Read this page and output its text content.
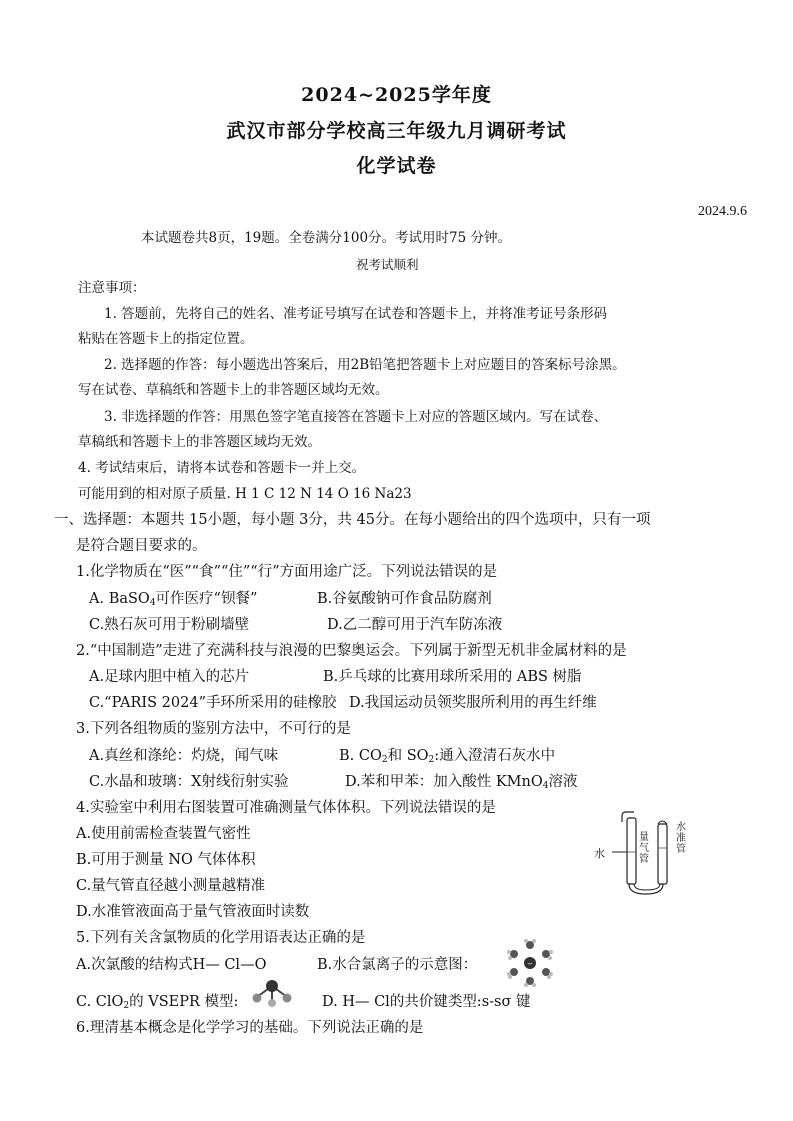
2024~2025学年度
武汉市部分学校高三年级九月调研考试
化学试卷
2024.9.6
本试题卷共8页，19题。全卷满分100分。考试用时75 分钟。
祝考试顺利
注意事项：
1. 答题前，先将自己的姓名、准考证号填写在试卷和答题卡上，并将准考证号条形码
粘贴在答题卡上的指定位置。
2. 选择题的作答：每小题选出答案后，用2B铅笔把答题卡上对应题目的答案标号涂黑。
写在试卷、草稿纸和答题卡上的非答题区域均无效。
3. 非选择题的作答：用黑色签字笔直接答在答题卡上对应的答题区域内。写在试卷、
草稿纸和答题卡上的非答题区域均无效。
4. 考试结束后，请将本试卷和答题卡一并上交。
可能用到的相对原子质量. H 1 C 12 N 14 O 16 Na23
一、选择题：本题共 15小题，每小题 3分，共 45分。在每小题给出的四个选项中，只有一项
是符合题目要求的。
1.化学物质在“医”“食”“住”“行”方面用途广泛。下列说法错误的是
A. BaSO$_4$可作医疗“钡餐”	B.谷氨酸钠可作食品防腐剂
C.熟石灰可用于粉刷墙壁	D.乙二醇可用于汽车防冻液
2.“中国制造”走进了充满科技与浪漫的巴黎奥运会。下列属于新型无机非金属材料的是
A.足球内胆中植入的芯片	B.乒乓球的比赛用球所采用的 ABS 树脂
C.“PARIS 2024”手环所采用的硅橡胶 D.我国运动员领奖服所利用的再生纤维
3.下列各组物质的鉴别方法中，不可行的是
A.真丝和涤纶：灼烧，闻气味	B. $CO_2$和 $SO_2$:通入澄清石灰水中
C.水晶和玻璃：X射线衍射实验	D.苯和甲苯：加入酸性 KMnO$_4$溶液
4.实验室中利用右图装置可准确测量气体体积。下列说法错误的是
A.使用前需检查装置气密性
B.可用于测量 NO 气体体积
C.量气管直径越小测量越精准
D.水准管液面高于量气管液面时读数
水
量气管
水准管
5.下列有关含氯物质的化学用语表达正确的是
A.次氯酸的结构式H— Cl—O	B.水合氯离子的示意图：	−
C. ClO$_2$的 VSEPR 模型:	D. H— Cl的共价键类型:s-sσ 键
6.理清基本概念是化学学习的基础。下列说法正确的是
